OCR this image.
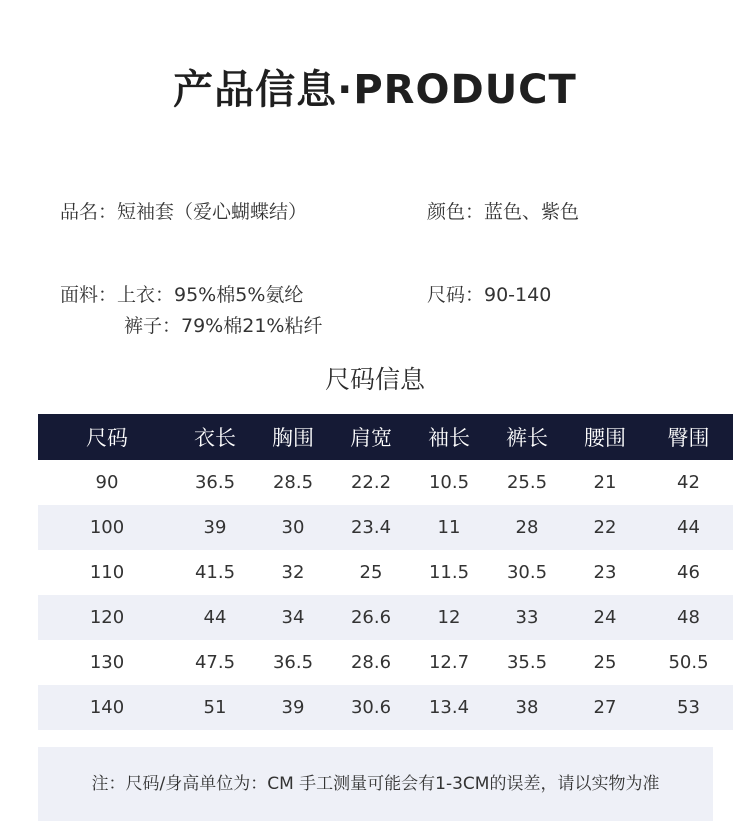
产品信息·PRODUCT
品名：短袖套（爱心蝴蝶结）	颜色：蓝色、紫色
面料：上衣：95%棉5%氨纶
裤子：79%棉21%粘纤
尺码：90-140
尺码信息
尺码	衣长	胸围	肩宽	袖长	裤长	腰围	臀围
90	36.5	28.5	22.2	10.5	25.5	21	42
100	39	30	23.4	11	28	22	44
110	41.5	32	25	11.5	30.5	23	46
120	44	34	26.6	12	33	24	48
130	47.5	36.5	28.6	12.7	35.5	25	50.5
140	51	39	30.6	13.4	38	27	53
注：尺码/身高单位为：CM 手工测量可能会有1-3CM的误差，请以实物为准
